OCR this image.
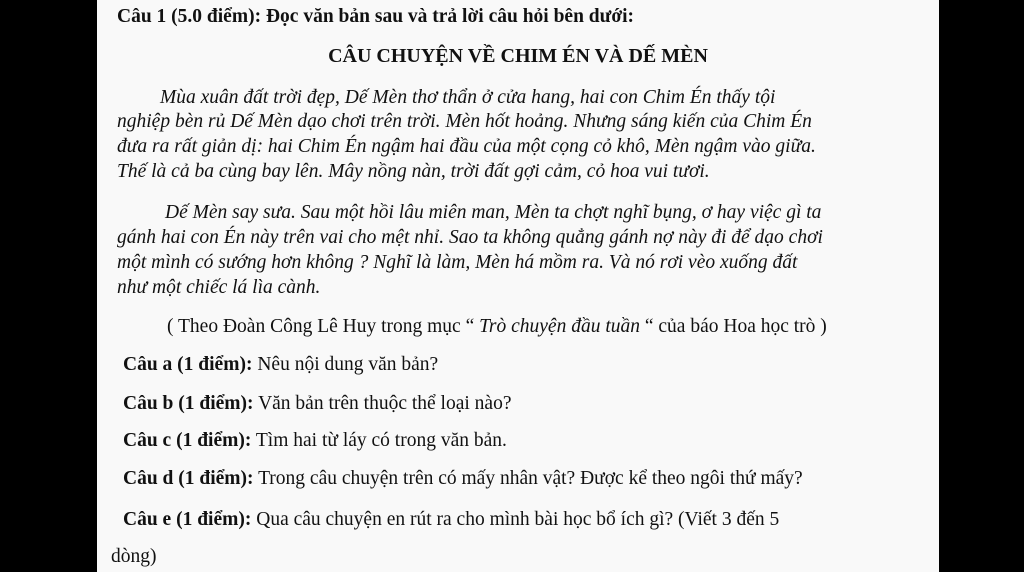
Câu 1 (5.0 điểm): Đọc văn bản sau và trả lời câu hỏi bên dưới:
CÂU CHUYỆN VỀ CHIM ÉN VÀ DẾ MÈN
Mùa xuân đất trời đẹp, Dế Mèn thơ thẩn ở cửa hang, hai con Chim Én thấy tội
nghiệp bèn rủ Dế Mèn dạo chơi trên trời. Mèn hốt hoảng. Nhưng sáng kiến của Chim Én
đưa ra rất giản dị: hai Chim Én ngậm hai đầu của một cọng cỏ khô, Mèn ngậm vào giữa.
Thế là cả ba cùng bay lên. Mây nồng nàn, trời đất gợi cảm, cỏ hoa vui tươi.
Dế Mèn say sưa. Sau một hồi lâu miên man, Mèn ta chợt nghĩ bụng, ơ hay việc gì ta
gánh hai con Én này trên vai cho mệt nhỉ. Sao ta không quẳng gánh nợ này đi để dạo chơi
một mình có sướng hơn không ? Nghĩ là làm, Mèn há mồm ra. Và nó rơi vèo xuống đất
như một chiếc lá lìa cành.
( Theo Đoàn Công Lê Huy trong mục “ Trò chuyện đầu tuần “ của báo Hoa học trò )
Câu a (1 điểm): Nêu nội dung văn bản?
Câu b (1 điểm): Văn bản trên thuộc thể loại nào?
Câu c (1 điểm): Tìm hai từ láy có trong văn bản.
Câu d (1 điểm): Trong câu chuyện trên có mấy nhân vật? Được kể theo ngôi thứ mấy?
Câu e (1 điểm): Qua câu chuyện en rút ra cho mình bài học bổ ích gì? (Viết 3 đến 5
dòng)
